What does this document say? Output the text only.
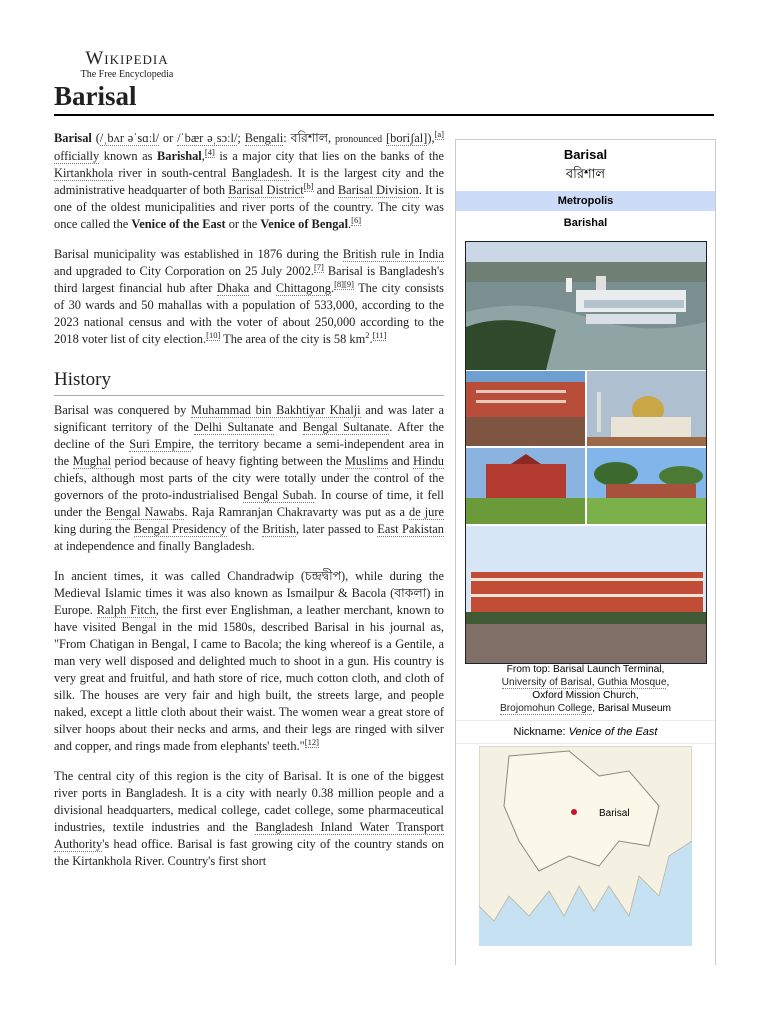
Wikipedia
The Free Encyclopedia
Barisal

Barisal (/ˌbʌr əˈsɑːl/ or /ˈbær əˌsɔːl/; Bengali: বরিশাল, pronounced [boriʃal]),[a] officially known as Barishal,[4] is a major city that lies on the banks of the Kirtankhola river in south-central Bangladesh. It is the largest city and the administrative headquarter of both Barisal District[b] and Barisal Division. It is one of the oldest municipalities and river ports of the country. The city was once called the Venice of the East or the Venice of Bengal.[6]

Barisal municipality was established in 1876 during the British rule in India and upgraded to City Corporation on 25 July 2002.[7] Barisal is Bangladesh's third largest financial hub after Dhaka and Chittagong.[8][9] The city consists of 30 wards and 50 mahallas with a population of 533,000, according to the 2023 national census and with the voter of about 250,000 according to the 2018 voter list of city election.[10] The area of the city is 58 $km^2.[11]$

History

Barisal was conquered by Muhammad bin Bakhtiyar Khalji and was later a significant territory of the Delhi Sultanate and Bengal Sultanate. After the decline of the Suri Empire, the territory became a semi-independent area in the Mughal period because of heavy fighting between the Muslims and Hindu chiefs, although most parts of the city were totally under the control of the governors of the proto-industrialised Bengal Subah. In course of time, it fell under the Bengal Nawabs. Raja Ramranjan Chakravarty was put as a de jure king during the Bengal Presidency of the British, later passed to East Pakistan at independence and finally Bangladesh.

In ancient times, it was called Chandradwip (চন্দ্রদ্বীপ), while during the Medieval Islamic times it was also known as Ismailpur & Bacola (বাকলা) in Europe. Ralph Fitch, the first ever Englishman, a leather merchant, known to have visited Bengal in the mid 1580s, described Barisal in his journal as, "From Chatigan in Bengal, I came to Bacola; the king whereof is a Gentile, a man very well disposed and delighted much to shoot in a gun. His country is very great and fruitful, and hath store of rice, much cotton cloth, and cloth of silk. The houses are very fair and high built, the streets large, and people naked, except a little cloth about their waist. The women wear a great store of silver hoops about their necks and arms, and their legs are ringed with silver and copper, and rings made from elephants' teeth."[12]

The central city of this region is the city of Barisal. It is one of the biggest river ports in Bangladesh. It is a city with nearly 0.38 million people and a divisional headquarters, medical college, cadet college, some pharmaceutical industries, textile industries and the Bangladesh Inland Water Transport Authority's head office. Barisal is fast growing city of the country stands on the Kirtankhola River. Country's first short

Barisal
বরিশাল
Metropolis
Barishal
From top: Barisal Launch Terminal,
University of Barisal, Guthia Mosque,
Oxford Mission Church,
Brojomohun College, Barisal Museum
Nickname: Venice of the East
Barisal
